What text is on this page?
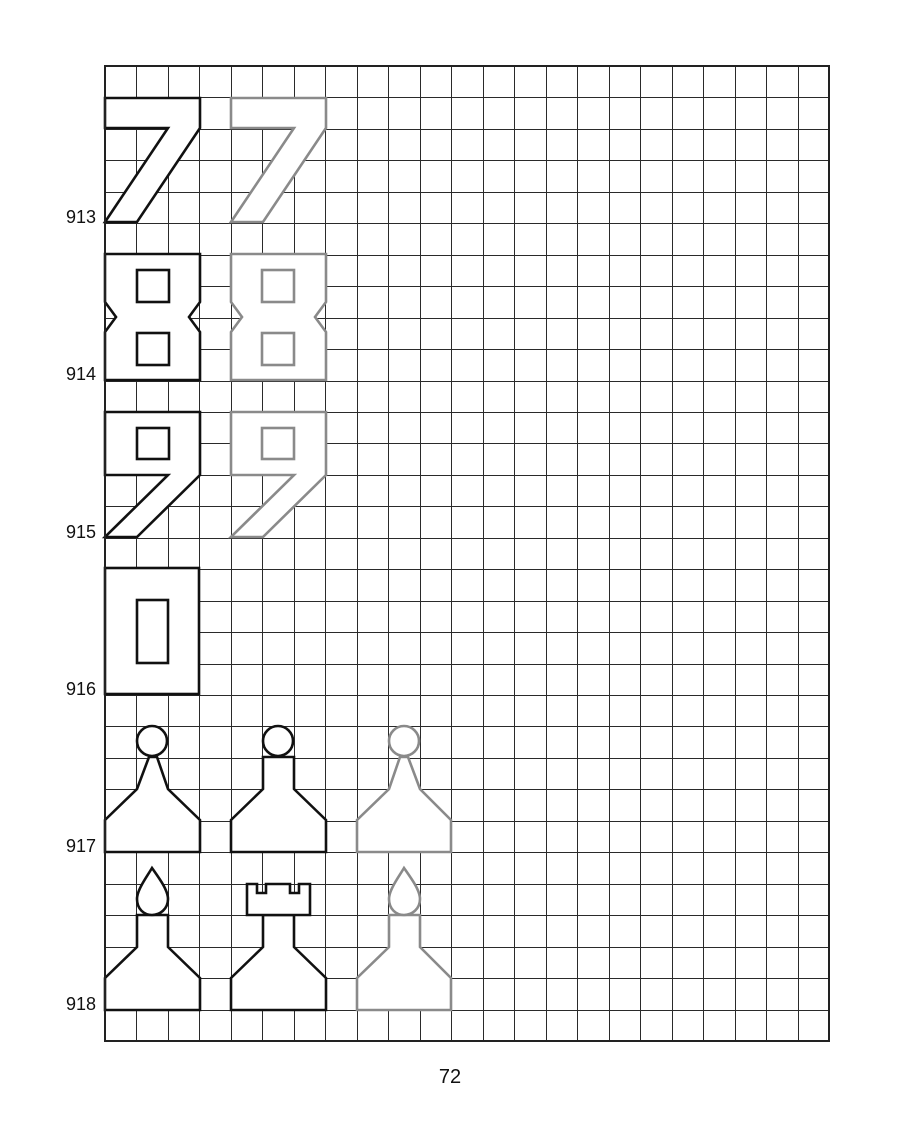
913
914
915
916
917
918
72
